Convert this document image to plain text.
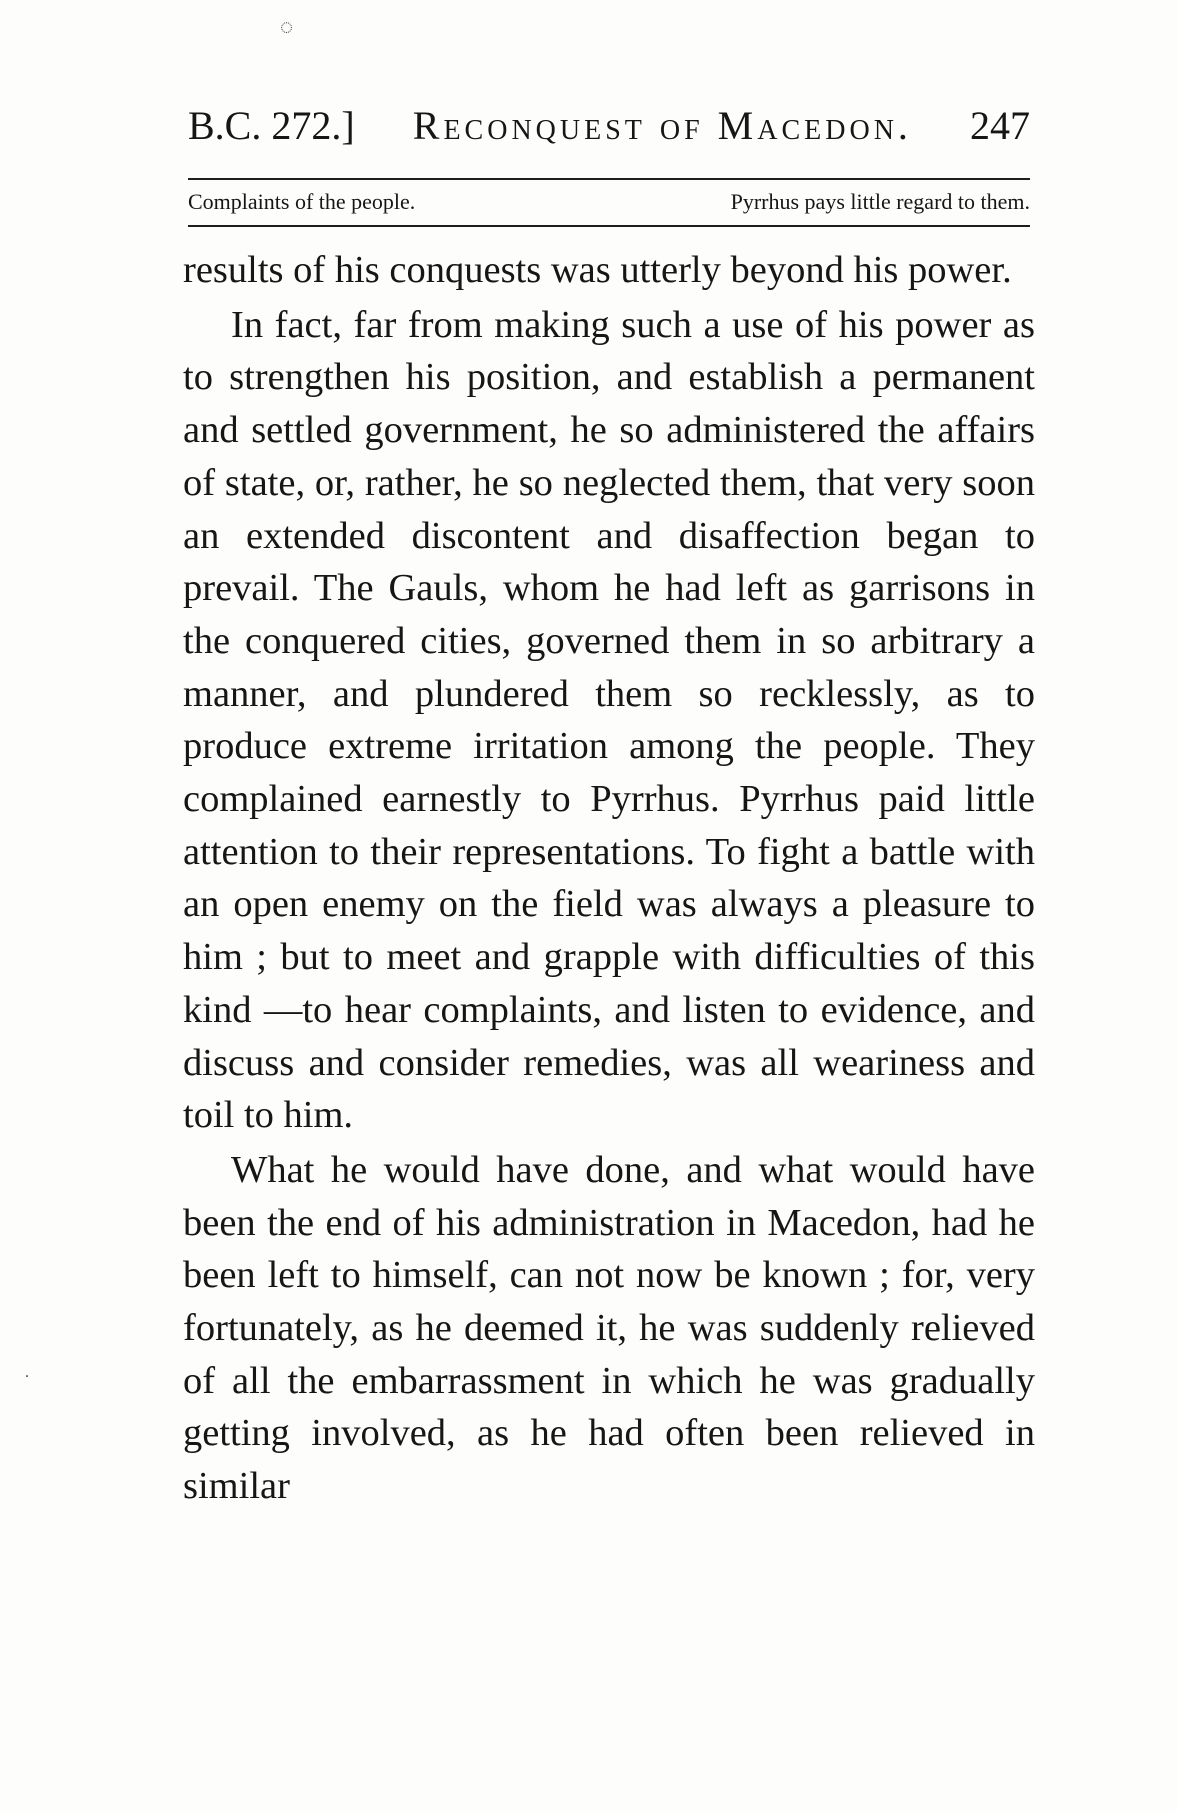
◌
˙
B.C. 272.] Reconquest of Macedon. 247
Complaints of the people.	Pyrrhus pays little regard to them.

results of his conquests was utterly beyond his power.

In fact, far from making such a use of his power as to strengthen his position, and establish a permanent and settled government, he so administered the affairs of state, or, rather, he so neglected them, that very soon an extended discontent and disaffection began to prevail. The Gauls, whom he had left as garrisons in the conquered cities, governed them in so arbitrary a manner, and plundered them so recklessly, as to produce extreme irritation among the people. They complained earnestly to Pyrrhus. Pyrrhus paid little attention to their representations. To fight a battle with an open enemy on the field was always a pleasure to him ; but to meet and grapple with difficulties of this kind —to hear complaints, and listen to evidence, and discuss and consider remedies, was all weariness and toil to him.

What he would have done, and what would have been the end of his administration in Macedon, had he been left to himself, can not now be known ; for, very fortunately, as he deemed it, he was suddenly relieved of all the embarrassment in which he was gradually getting involved, as he had often been relieved in similar
